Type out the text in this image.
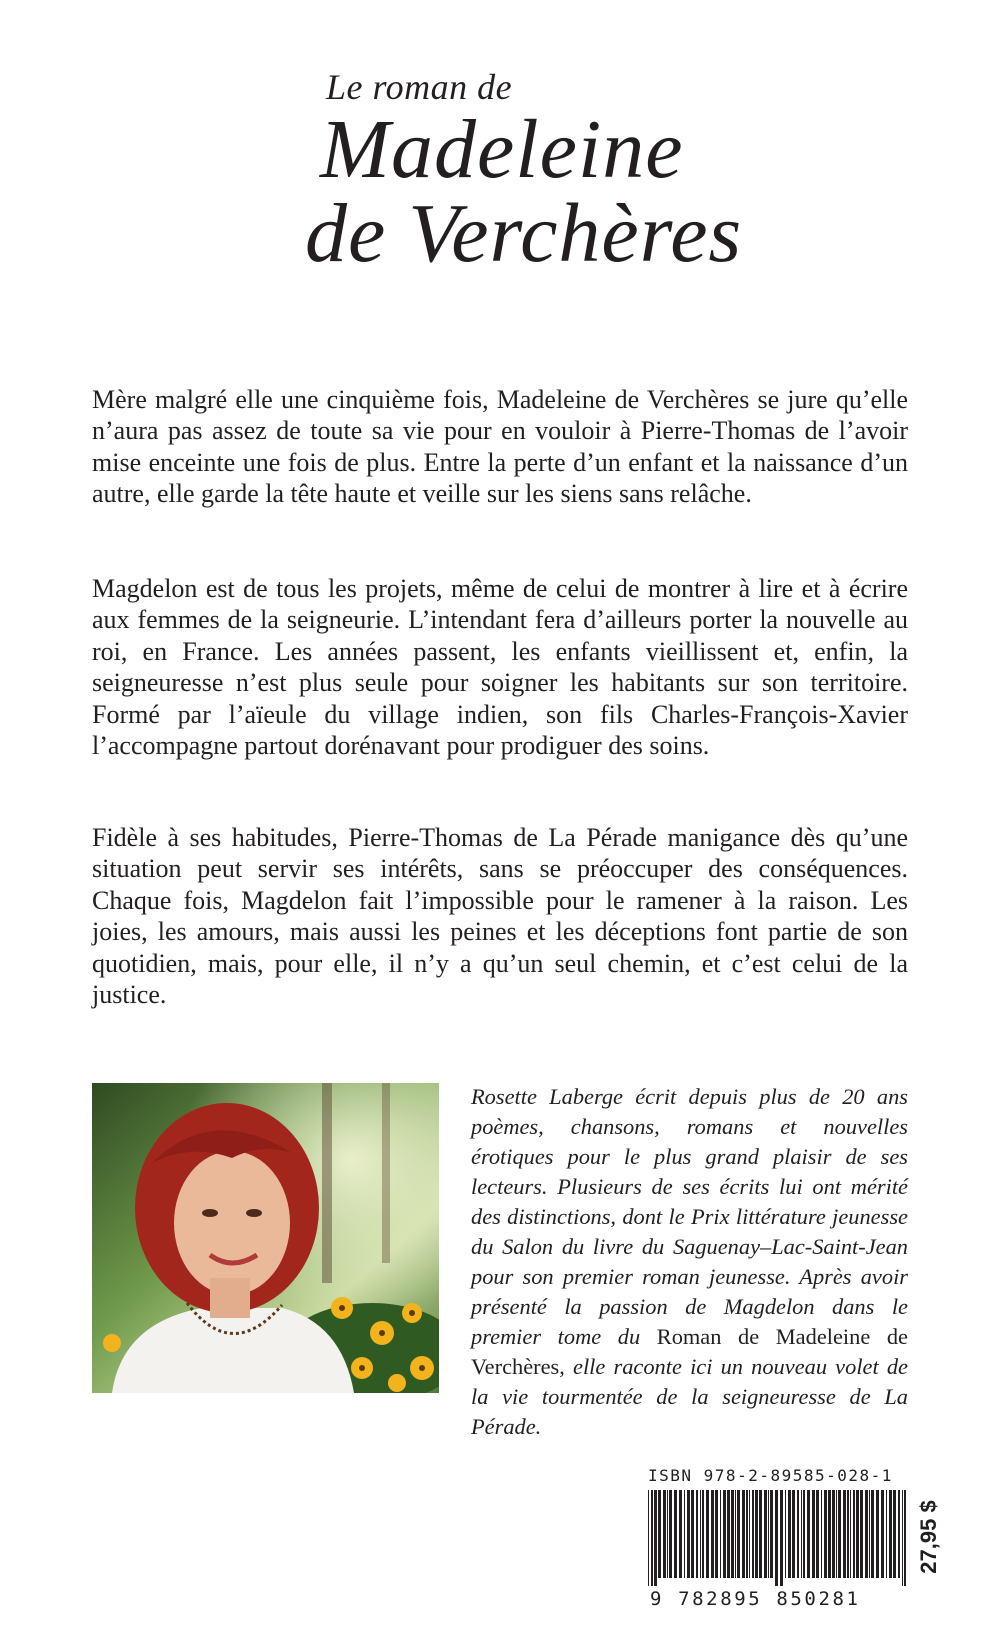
Le roman de
Madeleine
de Verchères

Mère malgré elle une cinquième fois, Madeleine de Verchères se jure qu’elle n’aura pas assez de toute sa vie pour en vouloir à Pierre-Thomas de l’avoir mise enceinte une fois de plus. Entre la perte d’un enfant et la naissance d’un autre, elle garde la tête haute et veille sur les siens sans relâche.

Magdelon est de tous les projets, même de celui de montrer à lire et à écrire aux femmes de la seigneurie. L’intendant fera d’ailleurs porter la nouvelle au roi, en France. Les années passent, les enfants vieillissent et, enfin, la seigneuresse n’est plus seule pour soigner les habitants sur son territoire. Formé par l’aïeule du village indien, son fils Charles-François-Xavier l’accompagne partout dorénavant pour prodiguer des soins.

Fidèle à ses habitudes, Pierre-Thomas de La Pérade manigance dès qu’une situation peut servir ses intérêts, sans se préoccuper des conséquences. Chaque fois, Magdelon fait l’impossible pour le ramener à la raison. Les joies, les amours, mais aussi les peines et les déceptions font partie de son quotidien, mais, pour elle, il n’y a qu’un seul chemin, et c’est celui de la justice.

Rosette Laberge écrit depuis plus de 20 ans poèmes, chansons, romans et nouvelles érotiques pour le plus grand plaisir de ses lecteurs. Plusieurs de ses écrits lui ont mérité des distinctions, dont le Prix littérature jeunesse du Salon du livre du Saguenay–Lac-Saint-Jean pour son premier roman jeunesse. Après avoir présenté la passion de Magdelon dans le premier tome du Roman de Madeleine de Verchères, elle raconte ici un nouveau volet de la vie tourmentée de la seigneuresse de La Pérade.

ISBN 978-2-89585-028-1
9 782895 850281
27,95 $
